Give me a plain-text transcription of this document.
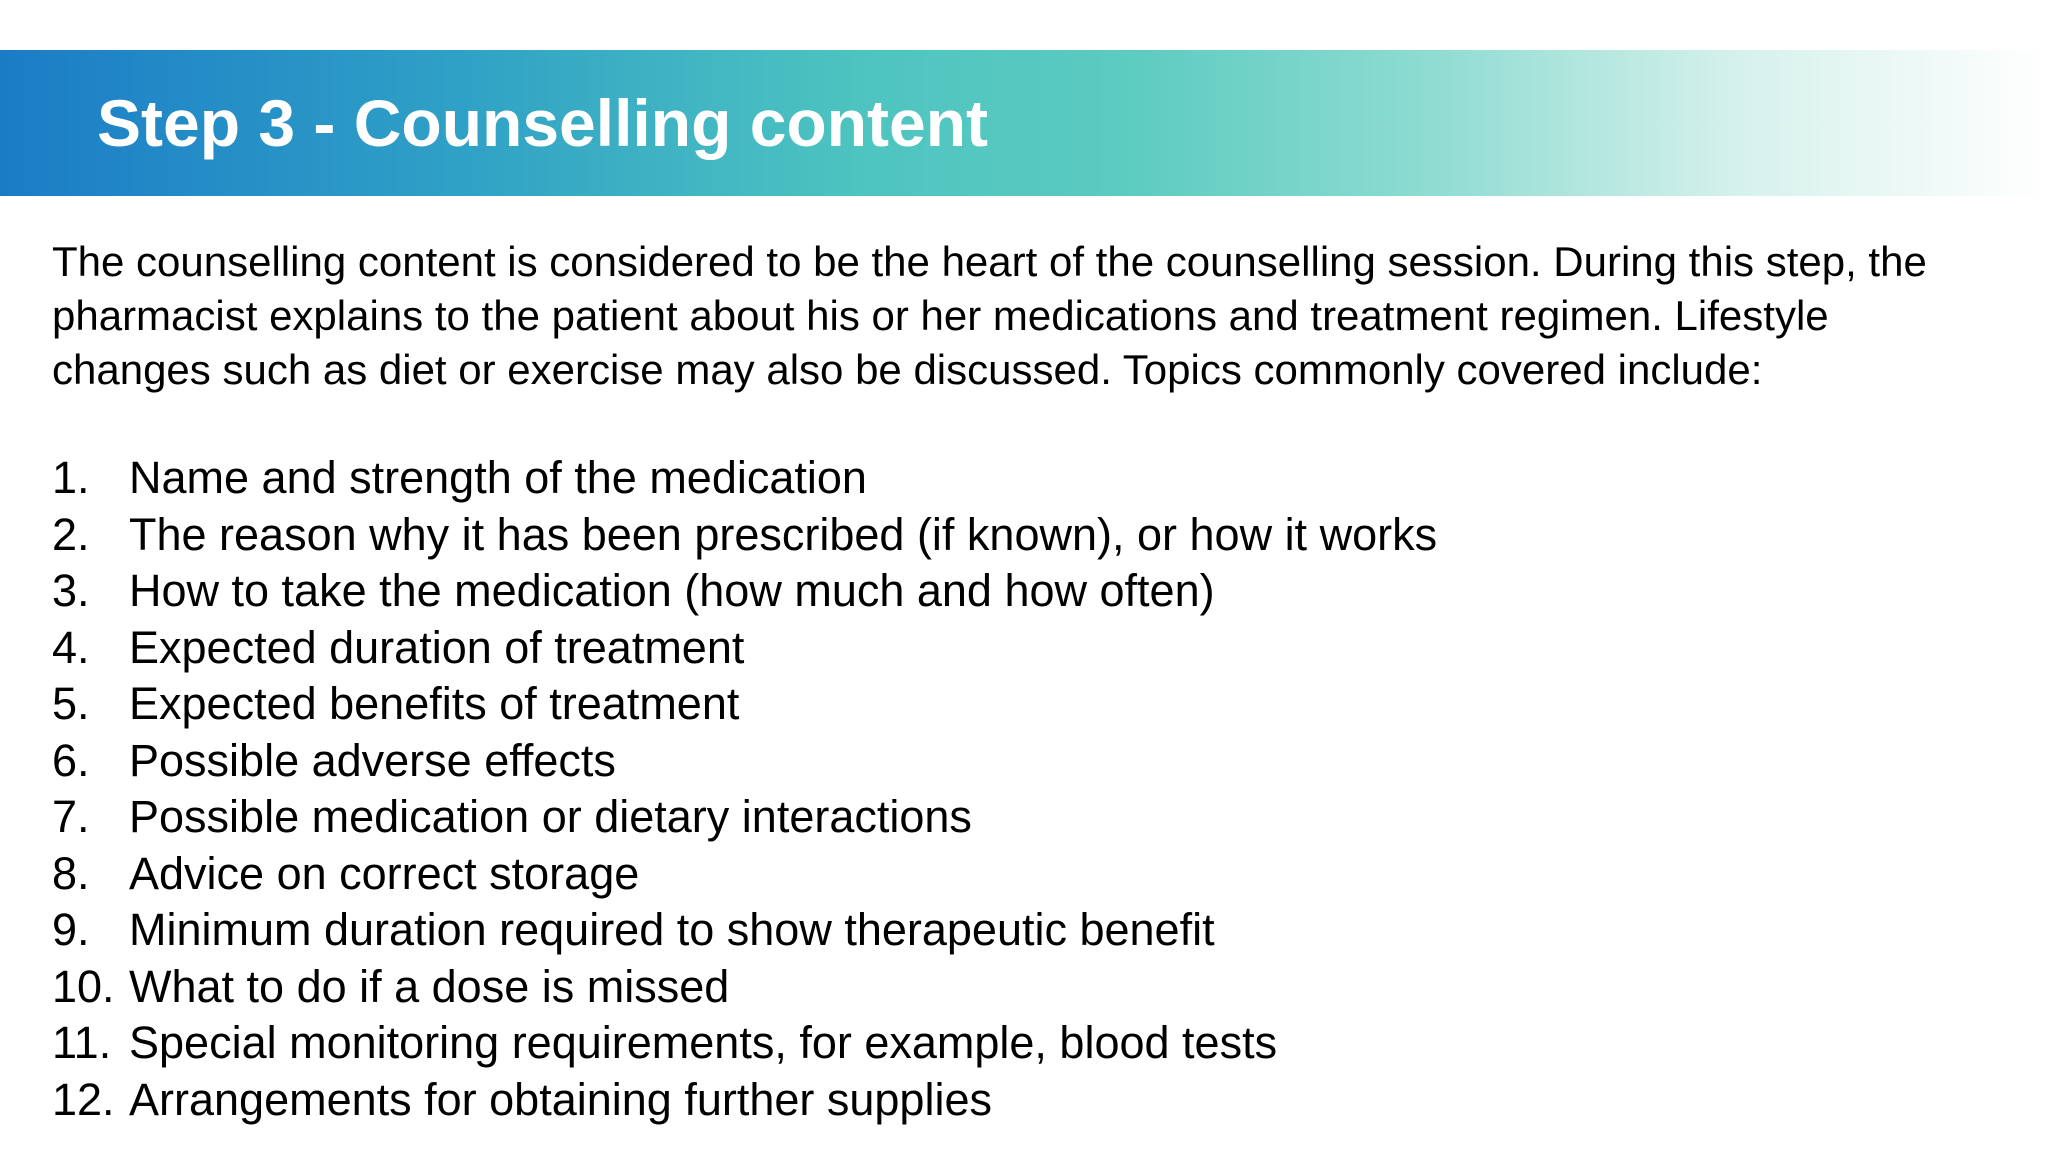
Step 3 - Counselling content

The counselling content is considered to be the heart of the counselling session. During this step, the
pharmacist explains to the patient about his or her medications and treatment regimen. Lifestyle
changes such as diet or exercise may also be discussed. Topics commonly covered include:

1. Name and strength of the medication
2. The reason why it has been prescribed (if known), or how it works
3. How to take the medication (how much and how often)
4. Expected duration of treatment
5. Expected benefits of treatment
6. Possible adverse effects
7. Possible medication or dietary interactions
8. Advice on correct storage
9. Minimum duration required to show therapeutic benefit
10. What to do if a dose is missed
11. Special monitoring requirements, for example, blood tests
12. Arrangements for obtaining further supplies
